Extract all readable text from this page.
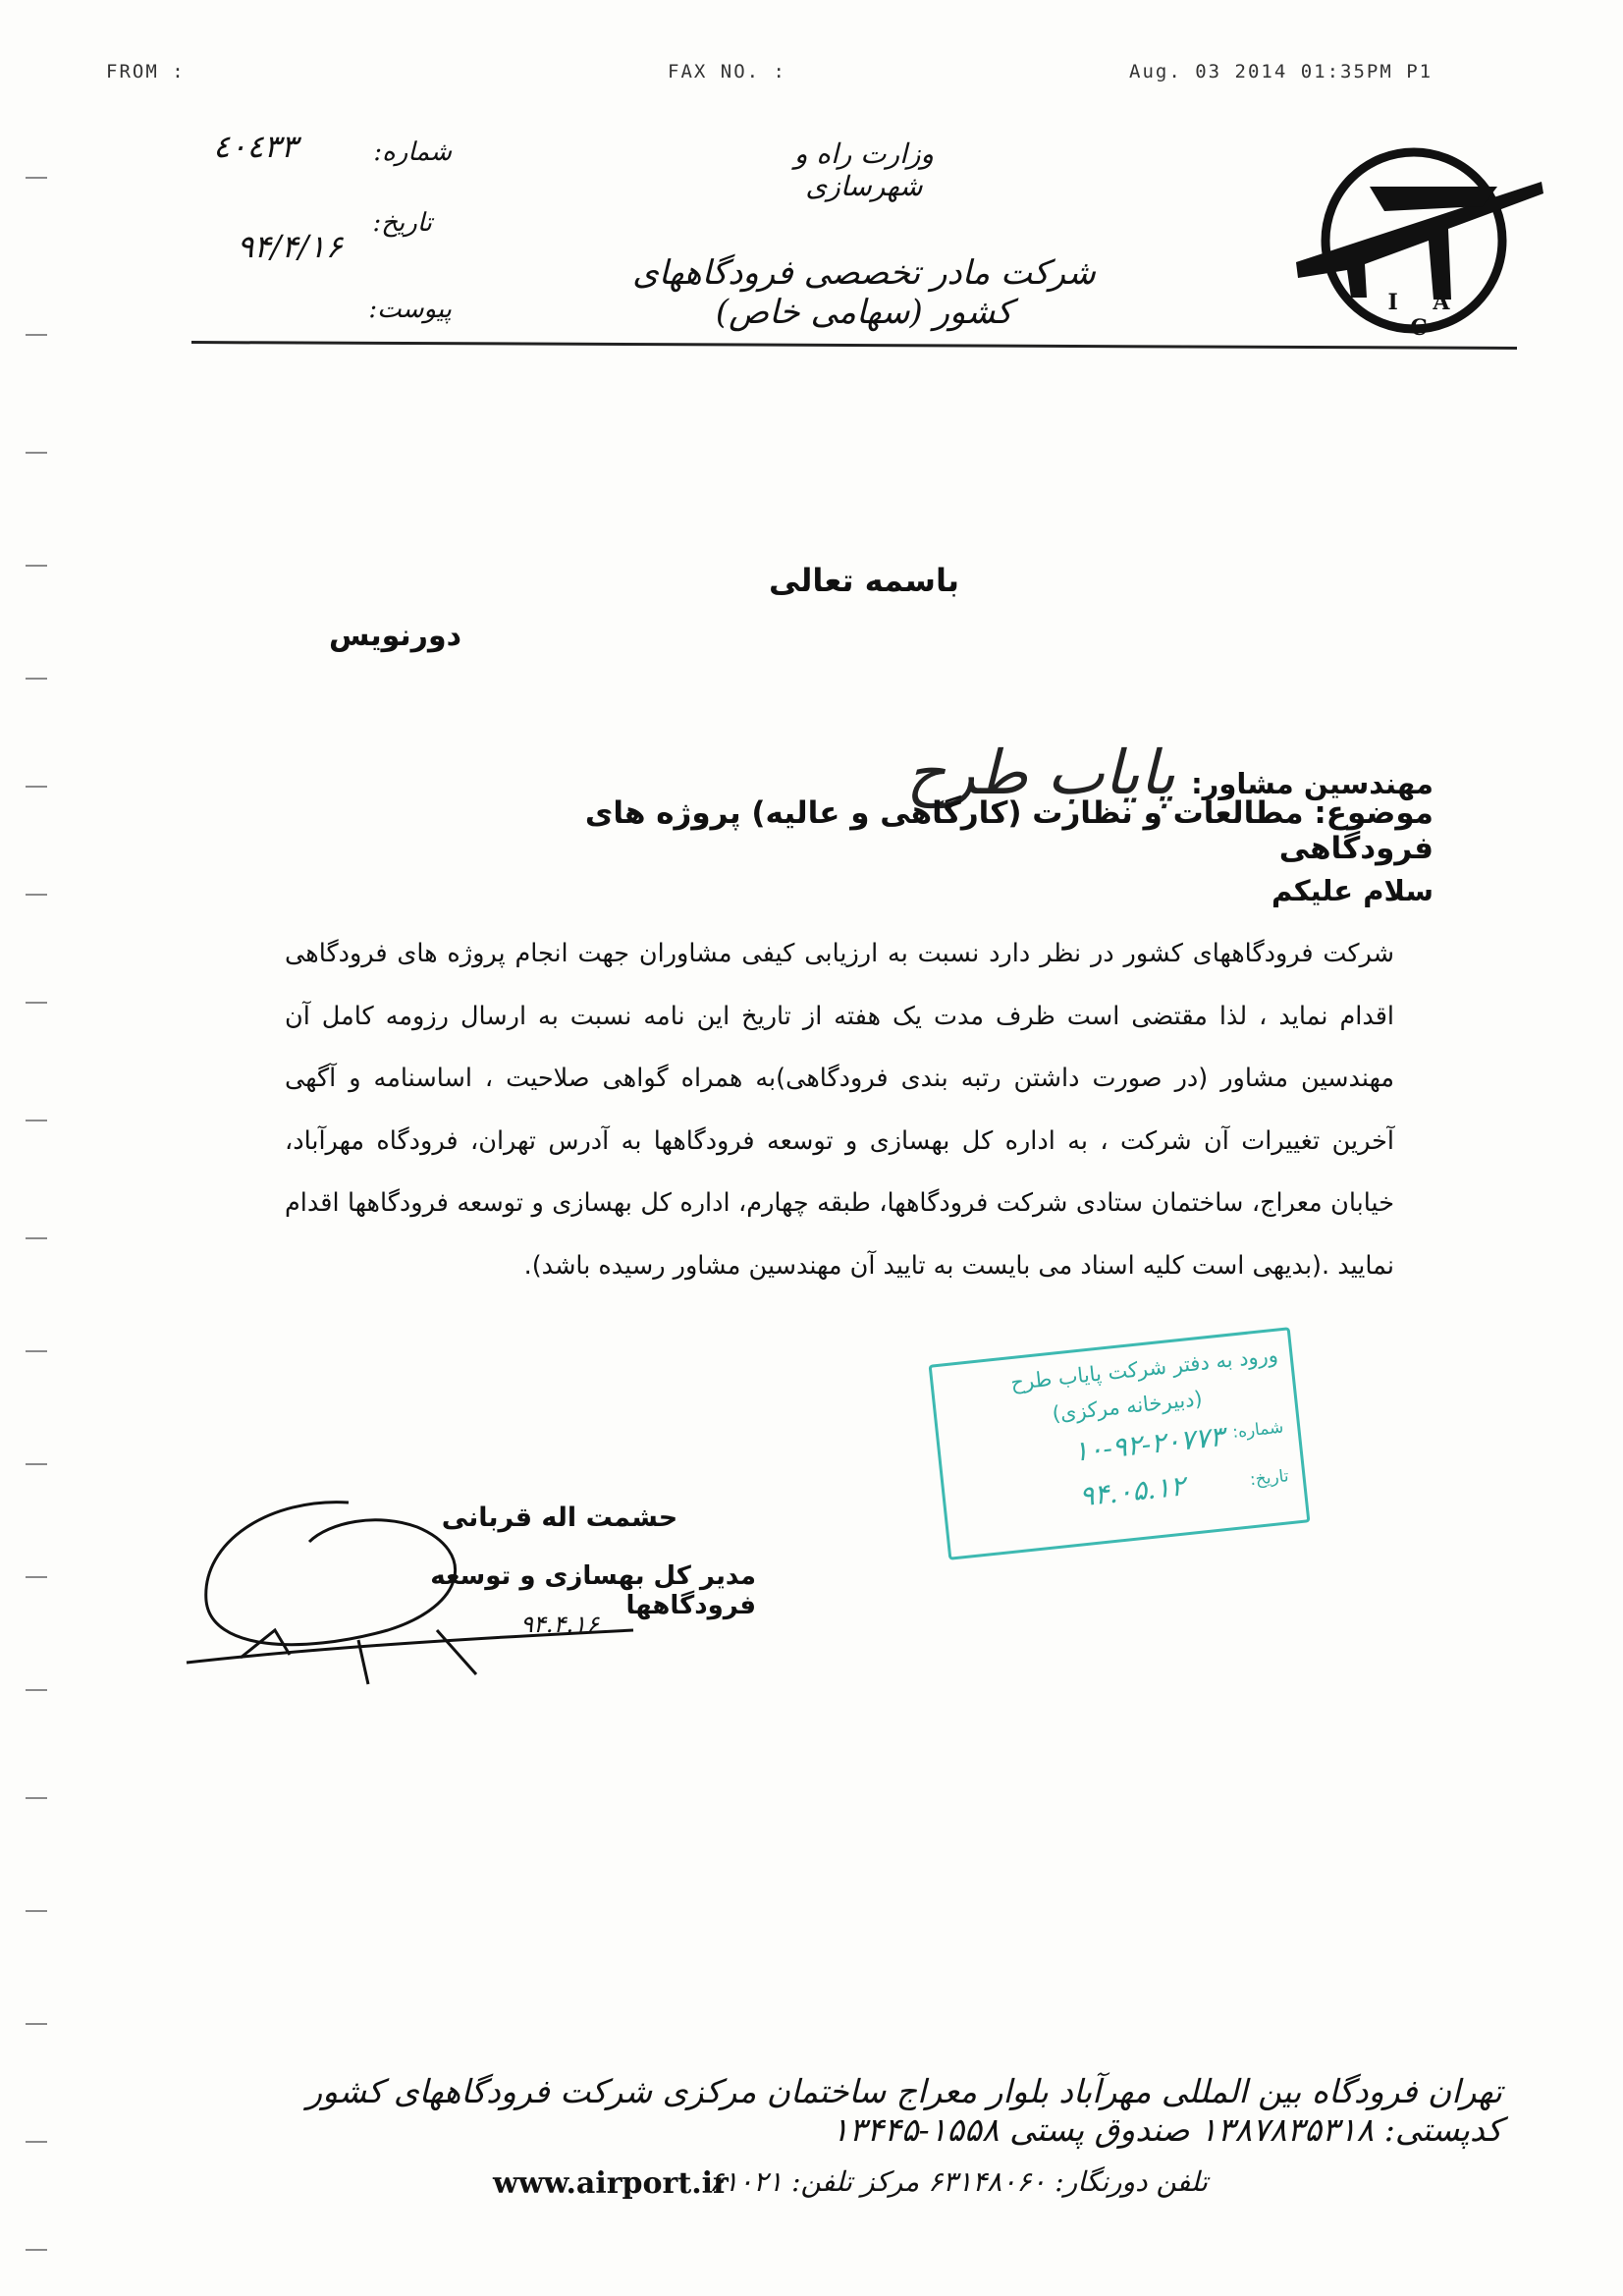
FROM :	FAX NO. :	Aug. 03 2014 01:35PM P1
I A C
وزارت راه و شهرسازی
شرکت مادر تخصصی فرودگاههای کشور (سهامی خاص)
شماره:
٤٠٤٣٣
تاریخ:
۹۴/۴/۱۶
پیوست:
باسمه تعالی
دورنویس
مهندسین مشاور:پاياب طرح
موضوع: مطالعات و نظارت (کارگاهی و عالیه) پروژه های فرودگاهی
سلام علیکم
شرکت فرودگاههای کشور در نظر دارد نسبت به ارزیابی کیفی مشاوران جهت انجام پروژه های فرودگاهی اقدام نماید ، لذا مقتضی است ظرف مدت یک هفته از تاریخ این نامه نسبت به ارسال رزومه کامل آن مهندسین مشاور (در صورت داشتن رتبه بندی فرودگاهی)به همراه گواهی صلاحیت ، اساسنامه و آگهی آخرین تغییرات آن شرکت ، به اداره کل بهسازی و توسعه فرودگاهها به آدرس تهران، فرودگاه مهرآباد، خیابان معراج، ساختمان ستادی شرکت فرودگاهها، طبقه چهارم، اداره کل بهسازی و توسعه فرودگاهها اقدام نمایید .(بدیهی است کلیه اسناد می بایست به تایید آن مهندسین مشاور رسیده باشد).
ورود به دفتر شرکت پاياب طرح
(دبیرخانه مرکزی)
شماره:
۱۰-۹۲-۲۰۷۷۳
تاریخ:
۹۴.۰۵.۱۲
حشمت اله قربانی
مدیر کل بهسازی و توسعه فرودگاهها
۹۴.۴.۱۶
تهران فرودگاه بین المللی مهرآباد بلوار معراج ساختمان مرکزی شرکت فرودگاههای کشور کدپستی: ۱۳۸۷۸۳۵۳۱۸ صندوق پستی ۱۵۵۸-۱۳۴۴۵
تلفن دورنگار: ۶۳۱۴۸۰۶۰ مرکز تلفن: ۶۱۰۲۱
www.airport.ir
